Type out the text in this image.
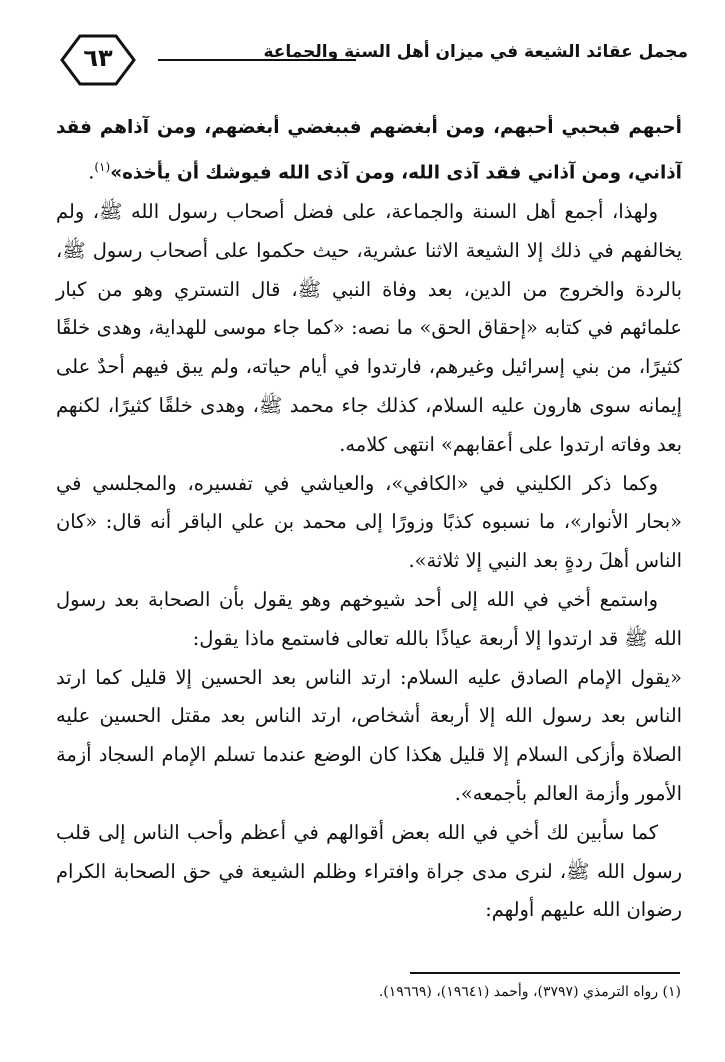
٦٣	مجمل عقائد الشيعة في ميزان أهل السنة والجماعة

أحبهم فبحبي أحبهم، ومن أبغضهم فببغضي أبغضهم، ومن آذاهم فقد آذاني، ومن آذاني فقد آذى الله، ومن آذى الله فيوشك أن يأخذه»$^{(١)}$.

ولهذا، أجمع أهل السنة والجماعة، على فضل أصحاب رسول الله ﷺ، ولم يخالفهم في ذلك إلا الشيعة الاثنا عشرية، حيث حكموا على أصحاب رسول ﷺ، بالردة والخروج من الدين، بعد وفاة النبي ﷺ، قال التستري وهو من كبار علمائهم في كتابه «إحقاق الحق» ما نصه: «كما جاء موسى للهداية، وهدى خلقًا كثيرًا، من بني إسرائيل وغيرهم، فارتدوا في أيام حياته، ولم يبق فيهم أحدٌ على إيمانه سوى هارون عليه السلام، كذلك جاء محمد ﷺ، وهدى خلقًا كثيرًا، لكنهم بعد وفاته ارتدوا على أعقابهم» انتهى كلامه.

وكما ذكر الكليني في «الكافي»، والعياشي في تفسيره، والمجلسي في «بحار الأنوار»، ما نسبوه كذبًا وزورًا إلى محمد بن علي الباقر أنه قال: «كان الناس أهلَ ردةٍ بعد النبي إلا ثلاثة».

واستمع أخي في الله إلى أحد شيوخهم وهو يقول بأن الصحابة بعد رسول الله ﷺ قد ارتدوا إلا أربعة عياذًا بالله تعالى فاستمع ماذا يقول:

«يقول الإمام الصادق عليه السلام: ارتد الناس بعد الحسين إلا قليل كما ارتد الناس بعد رسول الله إلا أربعة أشخاص، ارتد الناس بعد مقتل الحسين عليه الصلاة وأزكى السلام إلا قليل هكذا كان الوضع عندما تسلم الإمام السجاد أزمة الأمور وأزمة العالم بأجمعه».

كما سأبين لك أخي في الله بعض أقوالهم في أعظم وأحب الناس إلى قلب رسول الله ﷺ، لنرى مدى جراة وافتراء وظلم الشيعة في حق الصحابة الكرام رضوان الله عليهم أولهم:

(١) رواه الترمذي (٣٧٩٧)، وأحمد (١٩٦٤١)، (١٩٦٦٩).
